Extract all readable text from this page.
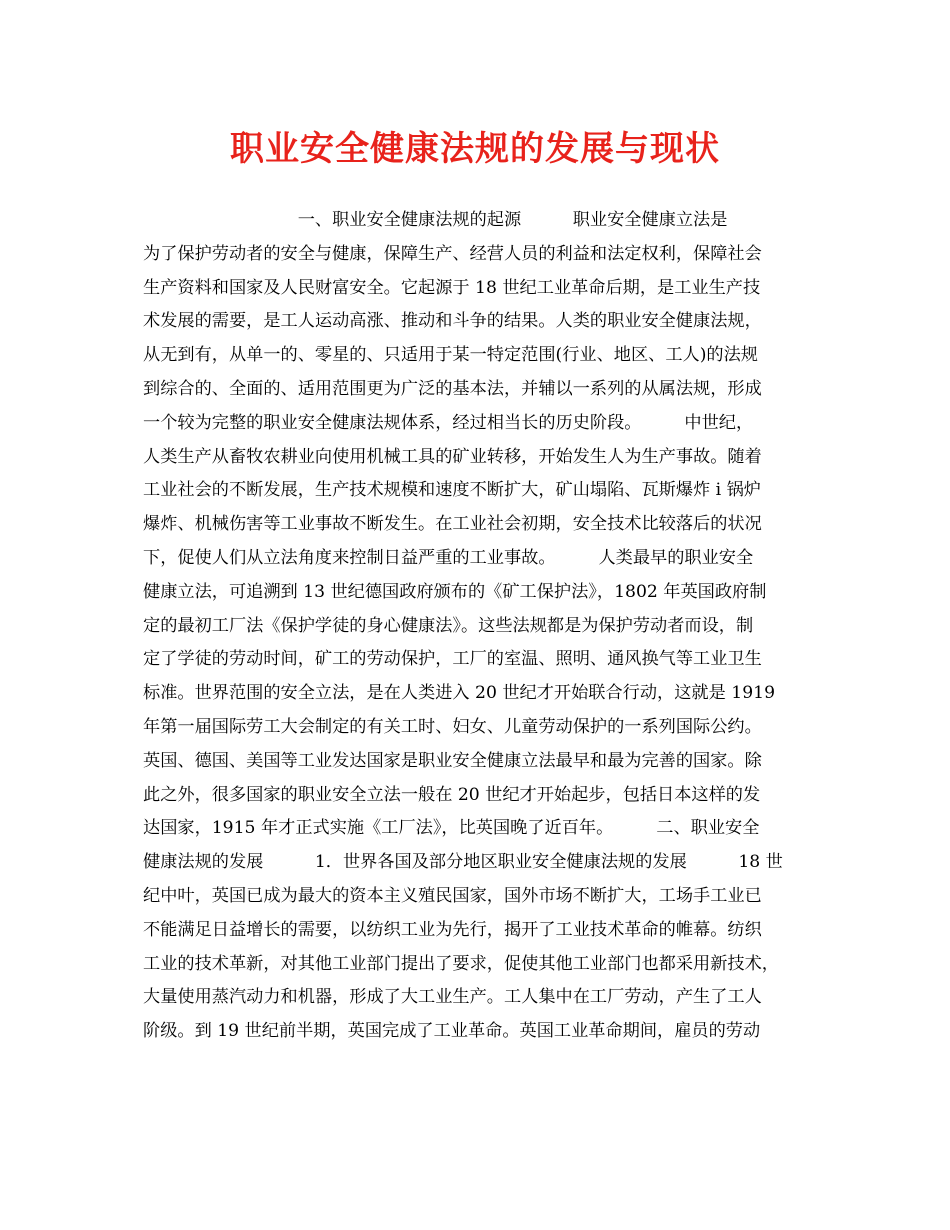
职业安全健康法规的发展与现状
　　　　　　　　　一、职业安全健康法规的起源　　　职业安全健康立法是
为了保护劳动者的安全与健康，保障生产、经营人员的利益和法定权利，保障社会
生产资料和国家及人民财富安全。它起源于 18 世纪工业革命后期，是工业生产技
术发展的需要，是工人运动高涨、推动和斗争的结果。人类的职业安全健康法规，
从无到有，从单一的、零星的、只适用于某一特定范围(行业、地区、工人)的法规
到综合的、全面的、适用范围更为广泛的基本法，并辅以一系列的从属法规，形成
一个较为完整的职业安全健康法规体系，经过相当长的历史阶段。　　　中世纪，
人类生产从畜牧农耕业向使用机械工具的矿业转移，开始发生人为生产事故。随着
工业社会的不断发展，生产技术规模和速度不断扩大，矿山塌陷、瓦斯爆炸 i 锅炉
爆炸、机械伤害等工业事故不断发生。在工业社会初期，安全技术比较落后的状况
下，促使人们从立法角度来控制日益严重的工业事故。　　　人类最早的职业安全
健康立法，可追溯到 13 世纪德国政府颁布的《矿工保护法》，1802 年英国政府制
定的最初工厂法《保护学徒的身心健康法》。这些法规都是为保护劳动者而设，制
定了学徒的劳动时间，矿工的劳动保护，工厂的室温、照明、通风换气等工业卫生
标准。世界范围的安全立法，是在人类进入 20 世纪才开始联合行动，这就是 1919
年第一届国际劳工大会制定的有关工时、妇女、儿童劳动保护的一系列国际公约。
英国、德国、美国等工业发达国家是职业安全健康立法最早和最为完善的国家。除
此之外，很多国家的职业安全立法一般在 20 世纪才开始起步，包括日本这样的发
达国家，1915 年才正式实施《工厂法》，比英国晚了近百年。　　　二、职业安全
健康法规的发展　　　1．世界各国及部分地区职业安全健康法规的发展　　　18 世
纪中叶，英国已成为最大的资本主义殖民国家，国外市场不断扩大，工场手工业已
不能满足日益增长的需要，以纺织工业为先行，揭开了工业技术革命的帷幕。纺织
工业的技术革新，对其他工业部门提出了要求，促使其他工业部门也都采用新技术，
大量使用蒸汽动力和机器，形成了大工业生产。工人集中在工厂劳动，产生了工人
阶级。到 19 世纪前半期，英国完成了工业革命。英国工业革命期间，雇员的劳动
